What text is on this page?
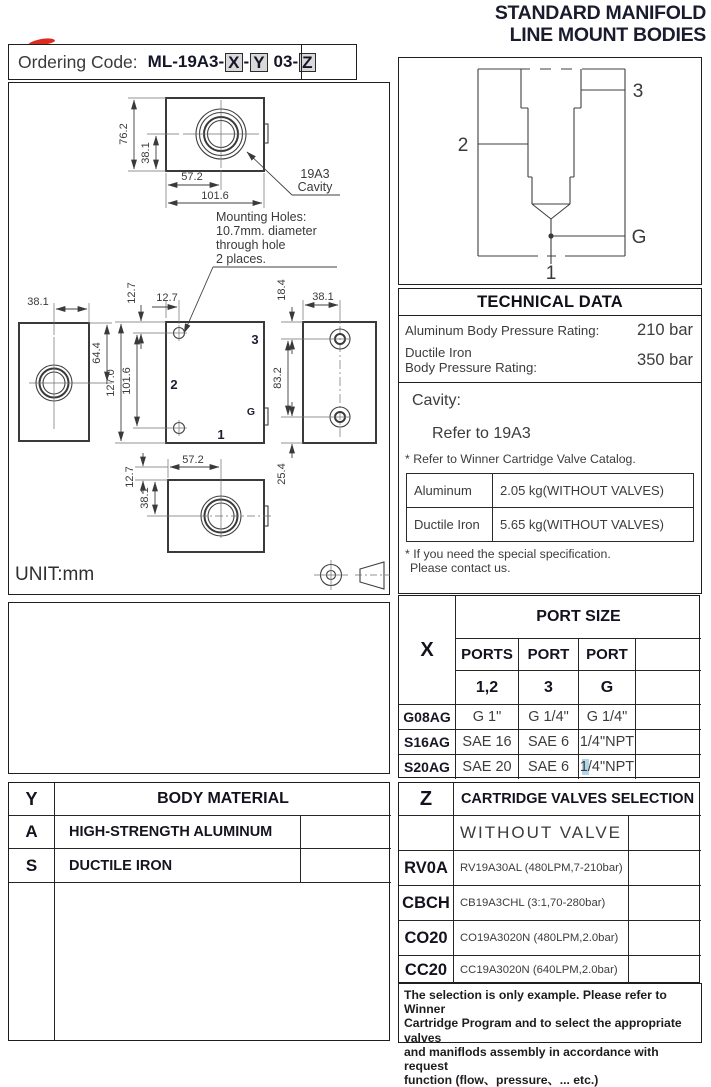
STANDARD MANIFOLD
LINE MOUNT BODIES
Ordering Code: ML-19A3- X - Y 03- Z
76.2
38.1
57.2
101.6
19A3
Cavity
Mounting Holes:
10.7mm. diameter
through hole
2 places.
38.1
64.4
3
2
G
1
12.7 12.7
127.0 101.6
18.4 38.1
83.2
25.4
57.2
12.7
38.1
UNIT:mm
2
3
G
1
TECHNICAL DATA
Aluminum Body Pressure Rating: 210 bar
Ductile Iron
Body Pressure Rating:	350 bar
Cavity:
Refer to 19A3
* Refer to Winner Cartridge Valve Catalog.
Aluminum	2.05 kg(WITHOUT VALVES)
Ductile Iron	5.65 kg(WITHOUT VALVES)
* If you need the special specification.
Please contact us.
X
PORT SIZE
PORTS PORT	PORT
1,2	3	G
G08AG	G 1"	G 1/4"	G 1/4"
S16AG SAE 16	SAE 6 1/4"NPT
S20AG SAE 20	SAE 6 1/4"NPT
Y	BODY MATERIAL
A	HIGH-STRENGTH ALUMINUM
S	DUCTILE IRON
Z	CARTRIDGE VALVES SELECTION
WITHOUT VALVE
RV0A	RV19A30AL (480LPM,7-210bar)
CBCH CB19A3CHL (3:1,70-280bar)
CO20	CO19A3020N (480LPM,2.0bar)
CC20	CC19A3020N (640LPM,2.0bar)
The selection is only example. Please refer to Winner
Cartridge Program and to select the appropriate valves
and maniflods assembly in accordance with request
function (flow、pressure、... etc.)
